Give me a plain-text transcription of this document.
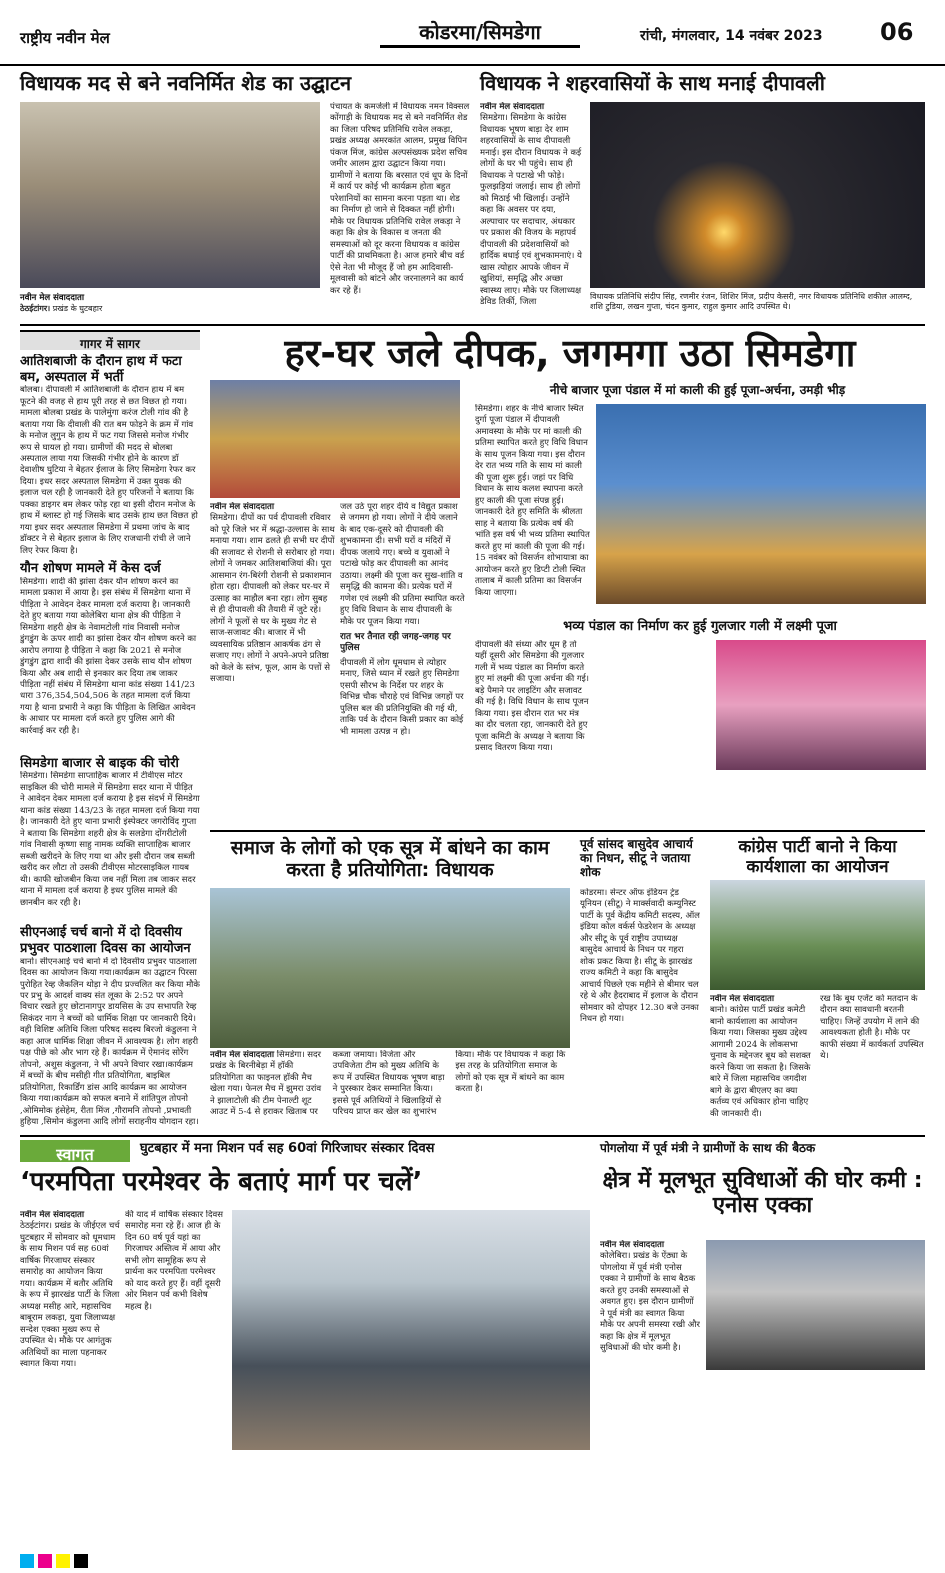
राष्ट्रीय नवीन मेल	कोडरमा/सिमडेगा	रांची, मंगलवार, 14 नवंबर 2023 06
विधायक मद से बने नवनिर्मित शेड का उद्घाटन
नवीन मेल संवाददाता
ठेठईटांगर। प्रखंड के घुटबहार
पंचायत के कमर्जली में विधायक नमन विक्सल कोंगाड़ी के विधायक मद से बने नवनिर्मित शेड का जिला परिषद प्रतिनिधि रावेल लकड़ा, प्रखंड अध्यक्ष अमरकांत आलम, प्रमुख विपिन पंकज मिंज, कांग्रेस अल्पसंख्यक प्रदेश सचिव जमीर आलम द्वारा उद्घाटन किया गया। ग्रामीणों ने बताया कि बरसात एवं धूप के दिनों में कार्य पर कोई भी कार्यक्रम होता बहुत परेशानियों का सामना करना पड़ता था। शेड का निर्माण हो जाने से दिक्कत नहीं होगी। मौके पर विधायक प्रतिनिधि रावेल लकड़ा ने कहा कि क्षेत्र के विकास व जनता की समस्याओं को दूर करना विधायक व कांग्रेस पार्टी की प्राथमिकता है। आज हमारे बीच वर्ड ऐसे नेता भी मौजूद हैं जो हम आदिवासी-मूलवासी को बांटने और जरनालगने का कार्य कर रहे हैं।
विधायक ने शहरवासियों के साथ मनाई दीपावली
नवीन मेल संवाददाता
सिमडेगा। सिमडेगा के कांग्रेस विधायक भूषण बाड़ा देर शाम शहरवासियों के साथ दीपावली मनाई। इस दौरान विधायक ने कई लोगों के घर भी पहुंचे। साथ ही विधायक ने पटाखे भी फोड़े। फुलझड़ियां जलाई। साथ ही लोगों को मिठाई भी खिलाई। उन्होंने कहा कि अवसर पर दया, अल्पाचार पर सदाचार, अंधकार पर प्रकाश की विजय के महापर्व दीपावली की प्रदेशवासियों को हार्दिक बधाई एवं शुभकामनाएं। ये खास त्योहार आपके जीवन में खुशियां, समृद्धि और अच्छा स्वास्थ्य लाए। मौके पर जिलाध्यक्ष डेविड तिर्की, जिला
विधायक प्रतिनिधि संदीप सिंह, रणमीर रंजन, शिशिर मिंज, प्रदीप केसरी, नगर विधायक प्रतिनिधि शकील आलम्द, शशि टुडिया, लखन गुप्ता, चंदन कुमार, राहुल कुमार आदि उपस्थित थे।
गागर में सागर
आतिशबाजी के दौरान हाथ में फटा बम, अस्पताल में भर्ती
बोलबा। दीपावली में आतिशबाजी के दौरान हाथ में बम फूटने की वजह से हाथ पूरी तरह से छत विछत हो गया। मामला बोलबा प्रखंड के पालेमुंगा करंज टोली गांव की है बताया गया कि दीवाली की रात बम फोड़ने के क्रम में गांव के मनोज लुगुन के हाथ में फट गया जिससे मनोज गंभीर रूप से घायल हो गया। ग्रामीणों की मदद से बोलबा अस्पताल लाया गया जिसकी गंभीर होने के कारण डॉ देवाशीष घुटिया ने बेहतर ईलाज के लिए सिमडेगा रेफर कर दिया। इधर सदर अस्पताल सिमडेगा में उक्त युवक की इलाज चल रही है जानकारी देते हुए परिजनों ने बताया कि पक्का डाइगर बम लेकर फोड़ रहा था इसी दौरान मनोज के हाथ में ब्लास्ट हो गई जिसके बाद उसके हाथ छत विछत हो गया इधर सदर अस्पताल सिमडेगा में प्रथमा जांच के बाद डॉक्टर ने से बेहतर इलाज के लिए राजधानी रांची ले जाने लिए रेफर किया है।
यौन शोषण मामले में केस दर्ज
सिमडेगा। शादी की झांसा देकर यौन शोषण करने का मामला प्रकाश में आया है। इस संबंध में सिमडेगा थाना में पीड़िता ने आवेदन देकर मामला दर्ज कराया है। जानकारी देते हुए बताया गया कोलेबिरा थाना क्षेत्र की पीड़िता ने सिमडेगा शहरी क्षेत्र के नेवामटोली गांव निवासी मनोज डुंगडुंग के ऊपर शादी का झांसा देकर यौन शोषण करने का आरोप लगाया है पीड़िता ने कहा कि 2021 से मनोज डुंगडुंग द्वारा शादी की झांसा देकर उसके साथ यौन शोषण किया और अब शादी से इनकार कर दिया तब जाकर पीड़िता नहीं संबंध में सिमडेगा थाना कांड संख्या 141/23 धारा 376,354,504,506 के तहत मामला दर्ज किया गया है थाना प्रभारी ने कहा कि पीड़िता के लिखित आवेदन के आधार पर मामला दर्ज करते हुए पुलिस आगे की कार्रवाई कर रही है।
सिमडेगा बाजार से बाइक की चोरी
सिमडेगा। सिमडेगा साप्ताहिक बाजार में टीवीएस मोटर साइकिल की चोरी मामले में सिमडेगा सदर थाना में पीड़ित ने आवेदन देकर मामला दर्ज कराया है इस संदर्भ में सिमडेगा थाना कांड संख्या 143/23 के तहत मामला दर्ज किया गया है। जानकारी देते हुए थाना प्रभारी इंस्पेक्टर जगरोविंद गुप्ता ने बताया कि सिमडेगा शहरी क्षेत्र के सलडेगा दोंगरीटोली गांव निवासी कृष्णा साहु नामक व्यक्ति साप्ताहिक बाजार सब्जी खरीदने के लिए गया था और इसी दौरान जब सब्जी खरीद कर लौटा तो उसकी टीवीएस मोटरसाइकिल गायब थी। काफी खोजबीन किया जब नहीं मिला तब जाकर सदर थाना में मामला दर्ज कराया है इधर पुलिस मामले की छानबीन कर रही है।
सीएनआई चर्च बानो में दो दिवसीय प्रभुवर पाठशाला दिवस का आयोजन
बानो। सीएनआई चर्च बानो में दो दिवसीय प्रभुवर पाठशाला दिवस का आयोजन किया गया।कार्यक्रम का उद्घाटन पिरसा पुरोहित रेव्ह जैकलिन थोड़ा ने दीप प्रज्वलित कर किया मौके पर प्रभु के आदर्श वाक्य संत लूका के 2:52 पर अपने विचार रखते हुए छोटानागपुर डायसिस के उप सभापति रेव्ह सिकंदर नाग ने बच्चों को धार्मिक शिक्षा पर जानकारी दिये। वही विशिष्ट अतिथि जिला परिषद सदस्य बिरजो कंडुलना ने कहा आज धार्मिक शिक्षा जीवन में आवश्यक है। लोग शहरी पक्ष पीछे को और भाग रहे हैं। कार्यक्रम में ऐमानंद सोरेंग तोपनो, अशुस कंडुलना, ने भी अपने विचार रखा।कार्यक्रम में बच्चों के बीच मसीही गीत प्रतियोगिता, बाइबिल प्रतियोगिता, रिकार्डिंग डांस आदि कार्यक्रम का आयोजन किया गया।कार्यक्रम को सफल बनाने में शांतिपुल तोपनो ,ओमिमोक हंसेहेम, रीता मिंज ,गौरामनि तोपनो ,प्रभावती हुहिया ,सिमोन कंडुलना आदि लोगों सराहनीय योगदान रहा।
हर-घर जले दीपक, जगमगा उठा सिमडेगा
नीचे बाजार पूजा पंडाल में मां काली की हुई पूजा-अर्चना, उमड़ी भीड़
नवीन मेल संवाददाता
सिमडेगा। दीपों का पर्व दीपावली रविवार को पूरे जिले भर में श्रद्धा-उल्लास के साथ मनाया गया। शाम ढलते ही सभी घर दीपों की सजावट से रोशनी से सरोबार हो गया। लोगों ने जमकर आतिशबाजियां की। पूरा आसमान रंग-बिरंगी रोशनी से प्रकाशमान होता रहा। दीपावली को लेकर घर-घर में उत्साह का माहौल बना रहा। लोग सुबह से ही दीपावली की तैयारी में जुटे रहे। लोगों ने फूलों से घर के मुख्य गेट से साज-सजावट की। बाजार में भी व्यवसायिक प्रतिष्ठान आकर्षक ढंग से सजाए गए। लोगों ने अपने-अपने प्रतिष्ठा को केले के स्तंभ, फूल, आम के पत्तों से सजाया।
जल उठे पूरा शहर दीये व विद्युत प्रकाश से जगमग हो गया। लोगों ने दीये जलाने के बाद एक-दूसरे को दीपावली की शुभकामना दी। सभी घरों व मंदिरों में दीपक जलाये गए। बच्चे व युवाओं ने पटाखे फोड़ कर दीपावली का आनंद उठाया। लक्ष्मी की पूजा कर सुख-शांति व समृद्धि की कामना की। प्रत्येक घरों में गणेश एवं लक्ष्मी की प्रतिमा स्थापित करते हुए विधि विधान के साथ दीपावली के मौके पर पूजन किया गया।
रात भर तैनात रही जगह-जगह पर पुलिस
दीपावली में लोग धूमधाम से त्योहार मनाए, जिसे ध्यान में रखते हुए सिमडेगा एसपी सौरभ के निर्देश पर शहर के विभिन्न चौक चौराहे एवं विभिन्न जगहों पर पुलिस बल की प्रतिनियुक्ति की गई थी, ताकि पर्व के दौरान किसी प्रकार का कोई भी मामला उत्पन्न न हो।
सिमडेगा। शहर के नीचे बाजार स्थित दुर्गा पूजा पंडाल में दीपावली अमावस्या के मौके पर मां काली की प्रतिमा स्थापित करते हुए विधि विधान के साथ पूजन किया गया। इस दौरान देर रात भव्य गति के साथ मां काली की पूजा शुरू हुई। जहां पर विधि विधान के साथ कलश स्थापना करते हुए काली की पूजा संपन्न हुई। जानकारी देते हुए समिति के श्रीलता साह ने बताया कि प्रत्येक वर्ष की भांति इस वर्ष भी भव्य प्रतिमा स्थापित करते हुए मां काली की पूजा की गई। 15 नवंबर को विसर्जन शोभायात्रा का आयोजन करते हुए डिप्टी टोली स्थित तालाब में काली प्रतिमा का विसर्जन किया जाएगा।
भव्य पंडाल का निर्माण कर हुई गुलजार गली में लक्ष्मी पूजा
दीपावली की संध्या और धूम है तो यहीं दूसरी ओर सिमडेगा की गुलजार गली में भव्य पंडाल का निर्माण करते हुए मां लक्ष्मी की पूजा अर्चना की गई। बड़े पैमाने पर लाइटिंग और सजावट की गई है। विधि विधान के साथ पूजन किया गया। इस दौरान रात भर मंत्र का दौर चलता रहा, जानकारी देते हुए पूजा कमिटी के अध्यक्ष ने बताया कि प्रसाद वितरण किया गया।
समाज के लोगों को एक सूत्र में बांधने का काम करता है प्रतियोगिता: विधायक
नवीन मेल संवाददाता सिमडेगा। सदर प्रखंड के बिरनीबेड़ा में हॉकी प्रतियोगिता का फाइनल हॉकी मैच खेला गया। फेनल मैच में झुमरा उरांव ने झालाटोली की टीम पेनाल्टी शूट आउट में 5-4 से हराकर खिताब पर कब्जा जमाया। विजेता और उपविजेता टीम को मुख्य अतिथि के रूप में उपस्थित विधायक भूषण बाड़ा ने पुरस्कार देकर सम्मानित किया। इससे पूर्व अतिथियों ने खिलाड़ियों से परिचय प्राप्त कर खेल का शुभारंभ किया। मौके पर विधायक ने कहा कि इस तरह के प्रतियोगिता समाज के लोगों को एक सूत्र में बांधने का काम करता है।
पूर्व सांसद बासुदेव आचार्य का निधन, सीटू ने जताया शोक
कोडरमा। सेन्टर ऑफ इंडियन ट्रेड यूनियन (सीटू) ने मार्क्सवादी कम्युनिस्ट पार्टी के पूर्व केंद्रीय कमिटी सदस्य, ऑल इंडिया कोल वर्कर्स फेडरेशन के अध्यक्ष और सीटू के पूर्व राष्ट्रीय उपाध्यक्ष बासुदेव आचार्य के निधन पर गहरा शोक प्रकट किया है। सीटू के झारखंड राज्य कमिटी ने कहा कि बासुदेव आचार्य पिछले एक महीने से बीमार चल रहे थे और हैदराबाद में इलाज के दौरान सोमवार को दोपहर 12.30 बजे उनका निधन हो गया।
कांग्रेस पार्टी बानो ने किया कार्यशाला का आयोजन
नवीन मेल संवाददाता
बानो। कांग्रेस पार्टी प्रखंड कमेटी बानो कार्यशाला का आयोजन किया गया। जिसका मुख्य उद्देश्य आगामी 2024 के लोकसभा चुनाव के मद्देनजर बूथ को सशक्त करने किया जा सकता है। जिसके बारे में जिला महासचिव जगदीश बागे के द्वारा बीएलए का क्या कर्तव्य एवं अधिकार होना चाहिए की जानकारी दी।
रख कि बूथ एजेंट को मतदान के दौरान क्या सावधानी बरतनी चाहिए। जिन्हें उपयोग में लाने की आवश्यकता होती है। मौके पर काफी संख्या में कार्यकर्ता उपस्थित थे।
स्वागत	घुटबहार में मना मिशन पर्व सह 60वां गिरिजाघर संस्कार दिवस
‘परमपिता परमेश्वर के बताएं मार्ग पर चलें’
नवीन मेल संवाददाता
ठेठईटांगर। प्रखंड के जीईएल चर्च घुटबहार में सोमवार को धूमधाम के साथ मिशन पर्व सह 60वां वार्षिक गिरजाघर संस्कार समारोह का आयोजन किया गया। कार्यक्रम में बतौर अतिथि के रूप में झारखंड पार्टी के जिला अध्यक्ष मसीह आरे, महासचिव बाबूराम लकड़ा, युवा जिलाध्यक्ष सन्देश एक्का मुख्य रूप से उपस्थित थे। मौके पर आगंतुक अतिथियों का माला पहनाकर स्वागत किया गया।
की याद में वार्षिक संस्कार दिवस समारोह मना रहे हैं। आज ही के दिन 60 वर्ष पूर्व यहां का गिरजाघर अस्तित्व में आया और सभी लोग सामूहिक रूप से प्रार्थना कर परमपिता परमेश्वर को याद करते हुए हैं। वहीं दूसरी ओर मिशन पर्व कभी विशेष महत्व है।
पोगलोया में पूर्व मंत्री ने ग्रामीणों के साथ की बैठक
क्षेत्र में मूलभूत सुविधाओं की घोर कमी : एनोस एक्का
नवीन मेल संवाददाता
कोलेबिरा। प्रखंड के ऐंठ्या के पोगलोया में पूर्व मंत्री एनोस एक्का ने ग्रामीणों के साथ बैठक करते हुए उनकी समस्याओं से अवगत हुए। इस दौरान ग्रामीणों ने पूर्व मंत्री का स्वागत किया मौके पर अपनी समस्या रखी और कहा कि क्षेत्र में मूलभूत सुविधाओं की घोर कमी है।
